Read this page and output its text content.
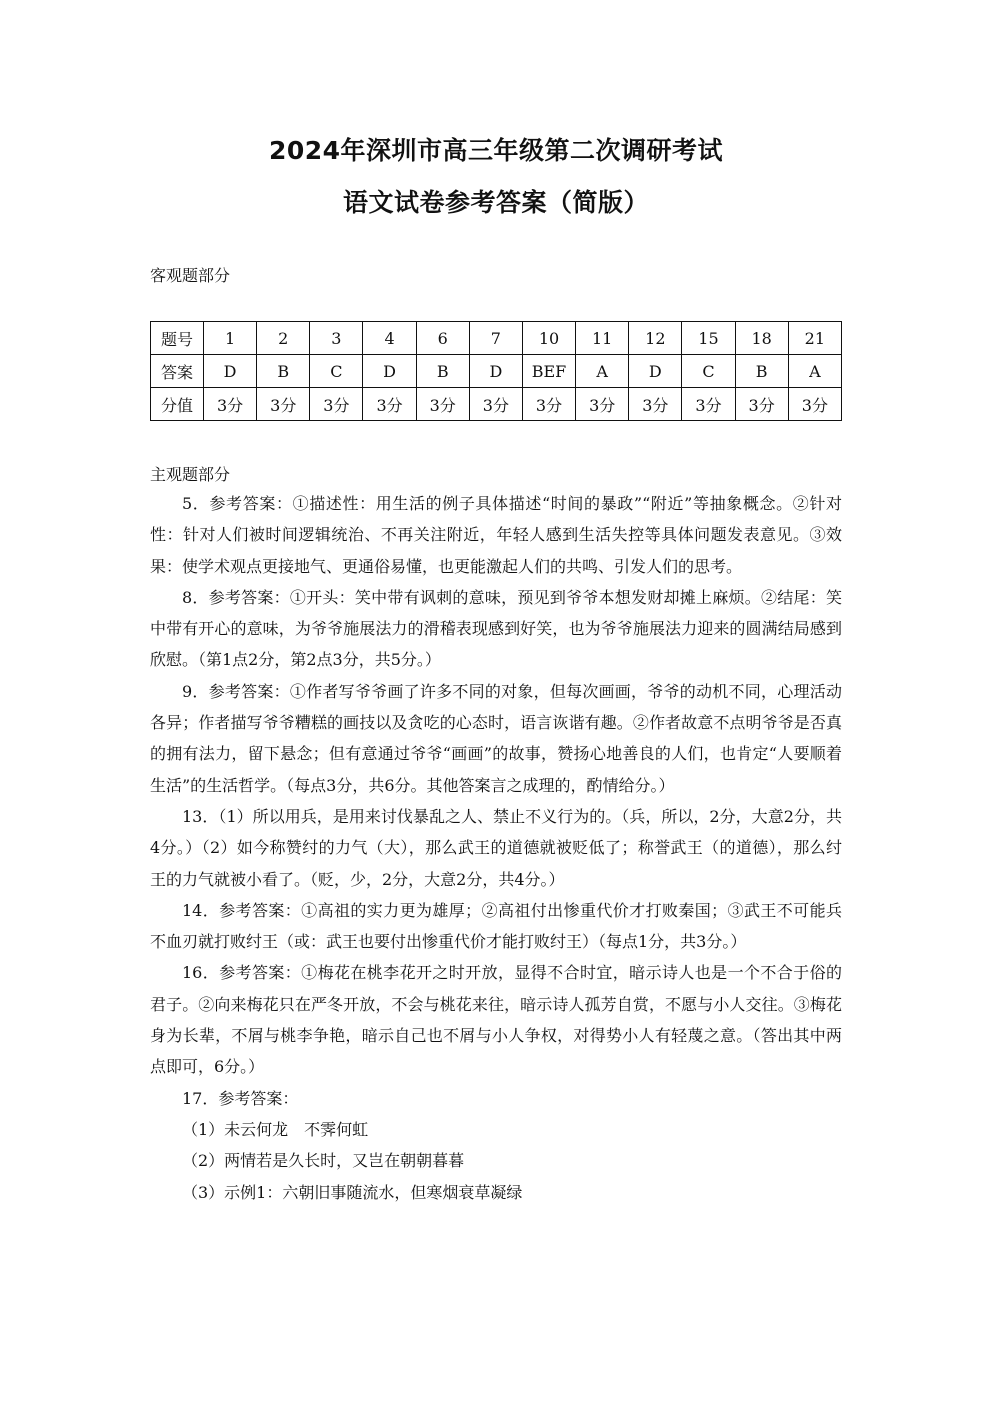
2024年深圳市高三年级第二次调研考试
语文试卷参考答案（简版）
客观题部分
题号	1	2	3	4	6	7	10	11	12	15	18	21
答案	D	B	C	D	B	D	BEF	A	D	C	B	A
分值	3分	3分	3分	3分	3分	3分	3分	3分	3分	3分	3分	3分
主观题部分

5．参考答案：①描述性：用生活的例子具体描述“时间的暴政”“附近”等抽象概念。②针对性：针对人们被时间逻辑统治、不再关注附近，年轻人感到生活失控等具体问题发表意见。③效果：使学术观点更接地气、更通俗易懂，也更能激起人们的共鸣、引发人们的思考。

8．参考答案：①开头：笑中带有讽刺的意味，预见到爷爷本想发财却摊上麻烦。②结尾：笑中带有开心的意味，为爷爷施展法力的滑稽表现感到好笑，也为爷爷施展法力迎来的圆满结局感到欣慰。（第1点2分，第2点3分，共5分。）

9．参考答案：①作者写爷爷画了许多不同的对象，但每次画画，爷爷的动机不同，心理活动各异；作者描写爷爷糟糕的画技以及贪吃的心态时，语言诙谐有趣。②作者故意不点明爷爷是否真的拥有法力，留下悬念；但有意通过爷爷“画画”的故事，赞扬心地善良的人们，也肯定“人要顺着生活”的生活哲学。（每点3分，共6分。其他答案言之成理的，酌情给分。）

13．（1）所以用兵，是用来讨伐暴乱之人、禁止不义行为的。（兵，所以，2分，大意2分，共4分。）（2）如今称赞纣的力气（大），那么武王的道德就被贬低了；称誉武王（的道德），那么纣王的力气就被小看了。（贬，少，2分，大意2分，共4分。）

14．参考答案：①高祖的实力更为雄厚；②高祖付出惨重代价才打败秦国；③武王不可能兵不血刃就打败纣王（或：武王也要付出惨重代价才能打败纣王）（每点1分，共3分。）

16．参考答案：①梅花在桃李花开之时开放，显得不合时宜，暗示诗人也是一个不合于俗的君子。②向来梅花只在严冬开放，不会与桃花来往，暗示诗人孤芳自赏，不愿与小人交往。③梅花身为长辈，不屑与桃李争艳，暗示自己也不屑与小人争权，对得势小人有轻蔑之意。（答出其中两点即可，6分。）

17．参考答案：

（1）未云何龙　不霁何虹

（2）两情若是久长时，又岂在朝朝暮暮

（3）示例1：六朝旧事随流水，但寒烟衰草凝绿
